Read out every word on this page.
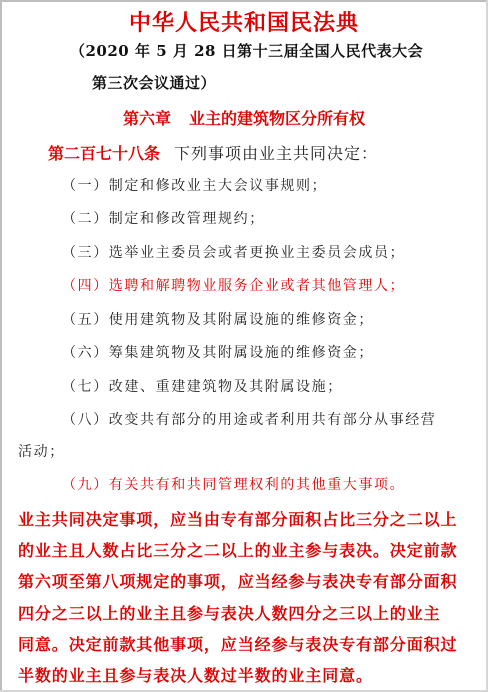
中华人民共和国民法典
（2020 年 5 月 28 日第十三届全国人民代表大会
第三次会议通过）
第六章 业主的建筑物区分所有权
第二百七十八条 下列事项由业主共同决定：
（一）制定和修改业主大会议事规则；
（二）制定和修改管理规约；
（三）选举业主委员会或者更换业主委员会成员；
（四）选聘和解聘物业服务企业或者其他管理人；
（五）使用建筑物及其附属设施的维修资金；
（六）筹集建筑物及其附属设施的维修资金；
（七）改建、重建建筑物及其附属设施；
（八）改变共有部分的用途或者利用共有部分从事经营
活动；
（九）有关共有和共同管理权利的其他重大事项。
业主共同决定事项，应当由专有部分面积占比三分之二以上
的业主且人数占比三分之二以上的业主参与表决。决定前款
第六项至第八项规定的事项，应当经参与表决专有部分面积
四分之三以上的业主且参与表决人数四分之三以上的业主
同意。决定前款其他事项，应当经参与表决专有部分面积过
半数的业主且参与表决人数过半数的业主同意。
